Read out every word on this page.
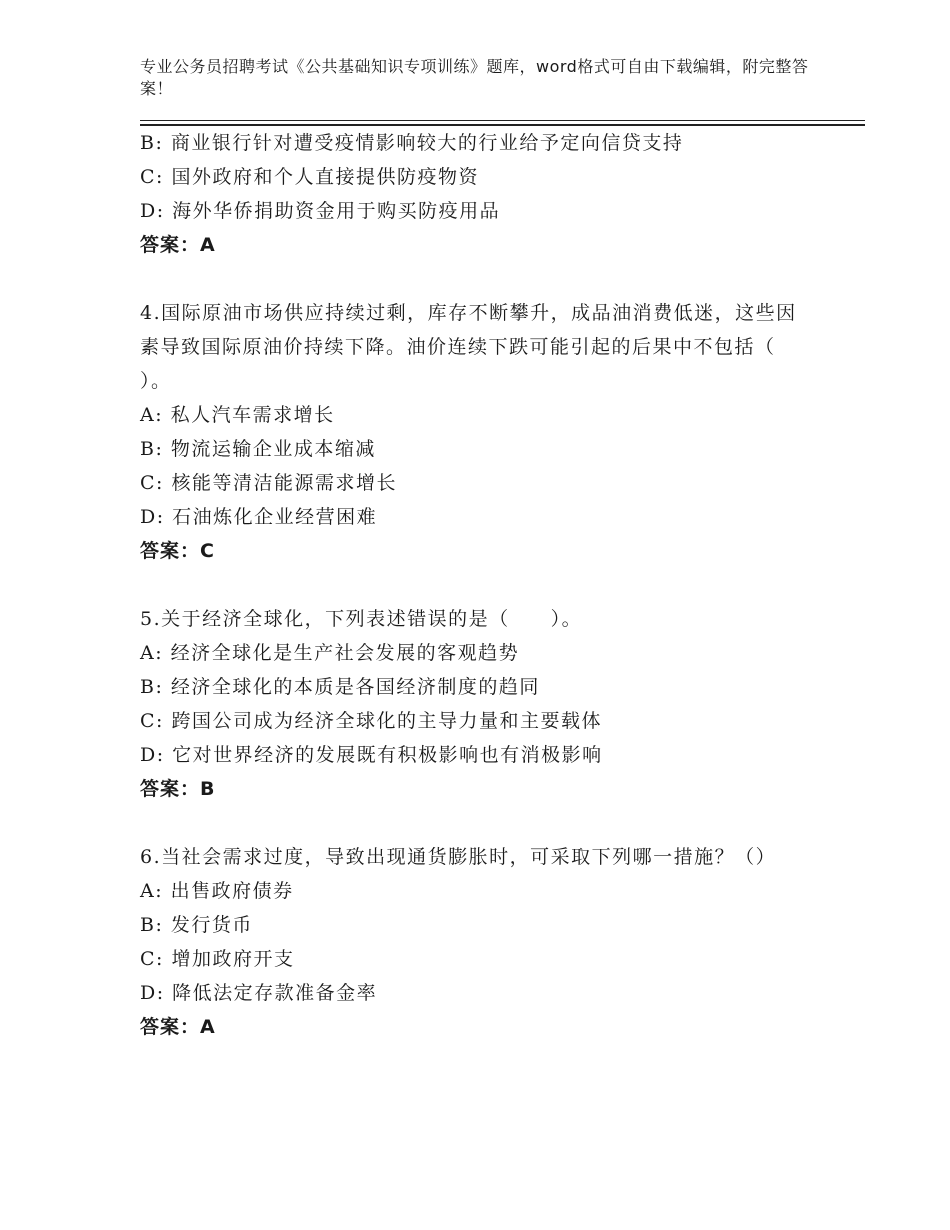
专业公务员招聘考试《公共基础知识专项训练》题库，word格式可自由下载编辑，附完整答案！
B: 商业银行针对遭受疫情影响较大的行业给予定向信贷支持
C: 国外政府和个人直接提供防疫物资
D: 海外华侨捐助资金用于购买防疫用品
答案：A
4.国际原油市场供应持续过剩，库存不断攀升，成品油消费低迷，这些因素导致国际原油价持续下降。油价连续下跌可能引起的后果中不包括（　　）。
A: 私人汽车需求增长
B: 物流运输企业成本缩减
C: 核能等清洁能源需求增长
D: 石油炼化企业经营困难
答案：C
5.关于经济全球化，下列表述错误的是（　　）。
A: 经济全球化是生产社会发展的客观趋势
B: 经济全球化的本质是各国经济制度的趋同
C: 跨国公司成为经济全球化的主导力量和主要载体
D: 它对世界经济的发展既有积极影响也有消极影响
答案：B
6.当社会需求过度，导致出现通货膨胀时，可采取下列哪一措施？（）
A: 出售政府债券
B: 发行货币
C: 增加政府开支
D: 降低法定存款准备金率
答案：A
